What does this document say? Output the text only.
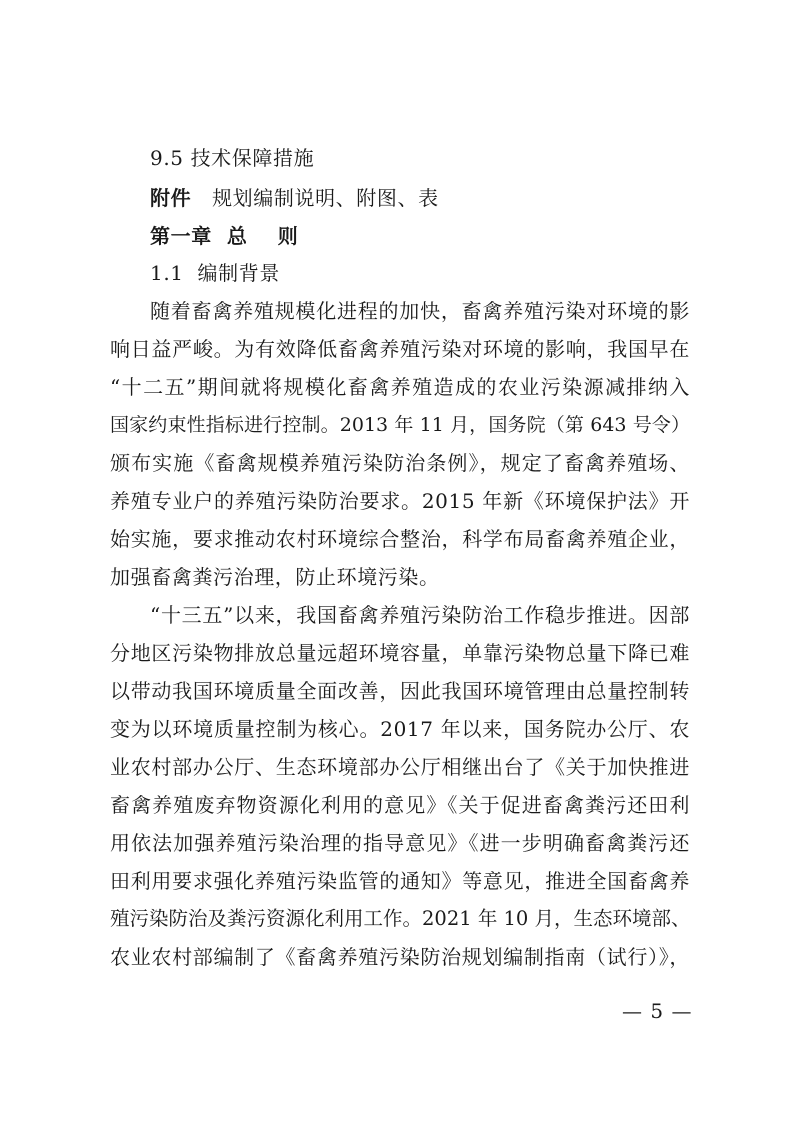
9.5 技术保障措施
附件 规划编制说明、附图、表
第一章  总    则
1.1  编制背景
随着畜禽养殖规模化进程的加快，畜禽养殖污染对环境的影
响日益严峻。为有效降低畜禽养殖污染对环境的影响，我国早在
“十二五”期间就将规模化畜禽养殖造成的农业污染源减排纳入
国家约束性指标进行控制。2013 年 11 月，国务院（第 643 号令）
颁布实施《畜禽规模养殖污染防治条例》，规定了畜禽养殖场、
养殖专业户的养殖污染防治要求。2015 年新《环境保护法》开
始实施，要求推动农村环境综合整治，科学布局畜禽养殖企业，
加强畜禽粪污治理，防止环境污染。
“十三五”以来，我国畜禽养殖污染防治工作稳步推进。因部
分地区污染物排放总量远超环境容量，单靠污染物总量下降已难
以带动我国环境质量全面改善，因此我国环境管理由总量控制转
变为以环境质量控制为核心。2017 年以来，国务院办公厅、农
业农村部办公厅、生态环境部办公厅相继出台了《关于加快推进
畜禽养殖废弃物资源化利用的意见》《关于促进畜禽粪污还田利
用依法加强养殖污染治理的指导意见》《进一步明确畜禽粪污还
田利用要求强化养殖污染监管的通知》等意见，推进全国畜禽养
殖污染防治及粪污资源化利用工作。2021 年 10 月，生态环境部、
农业农村部编制了《畜禽养殖污染防治规划编制指南（试行）》，
— 5 —
